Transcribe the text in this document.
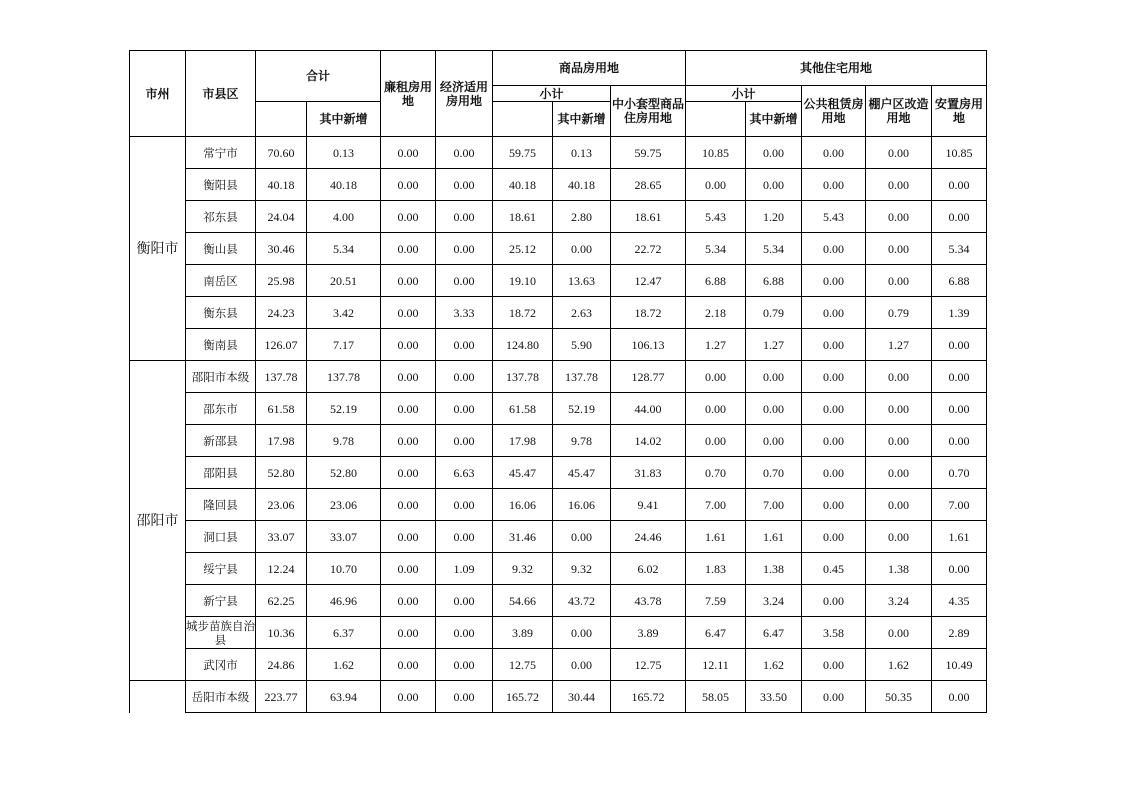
市州	市县区	合计		廉租房用地	经济适用房用地	商品房用地			其他住宅用地				
						小计		中小套型商品住房用地	小计		公共租赁房用地	棚户区改造用地	安置房用地
			其中新增				其中新增			其中新增			
衡阳市	常宁市	70.60	0.13	0.00	0.00	59.75	0.13	59.75	10.85	0.00	0.00	0.00	10.85
	衡阳县	40.18	40.18	0.00	0.00	40.18	40.18	28.65	0.00	0.00	0.00	0.00	0.00
	祁东县	24.04	4.00	0.00	0.00	18.61	2.80	18.61	5.43	1.20	5.43	0.00	0.00
	衡山县	30.46	5.34	0.00	0.00	25.12	0.00	22.72	5.34	5.34	0.00	0.00	5.34
	南岳区	25.98	20.51	0.00	0.00	19.10	13.63	12.47	6.88	6.88	0.00	0.00	6.88
	衡东县	24.23	3.42	0.00	3.33	18.72	2.63	18.72	2.18	0.79	0.00	0.79	1.39
	衡南县	126.07	7.17	0.00	0.00	124.80	5.90	106.13	1.27	1.27	0.00	1.27	0.00
邵阳市	邵阳市本级	137.78	137.78	0.00	0.00	137.78	137.78	128.77	0.00	0.00	0.00	0.00	0.00
	邵东市	61.58	52.19	0.00	0.00	61.58	52.19	44.00	0.00	0.00	0.00	0.00	0.00
	新邵县	17.98	9.78	0.00	0.00	17.98	9.78	14.02	0.00	0.00	0.00	0.00	0.00
	邵阳县	52.80	52.80	0.00	6.63	45.47	45.47	31.83	0.70	0.70	0.00	0.00	0.70
	隆回县	23.06	23.06	0.00	0.00	16.06	16.06	9.41	7.00	7.00	0.00	0.00	7.00
	洞口县	33.07	33.07	0.00	0.00	31.46	0.00	24.46	1.61	1.61	0.00	0.00	1.61
	绥宁县	12.24	10.70	0.00	1.09	9.32	9.32	6.02	1.83	1.38	0.45	1.38	0.00
	新宁县	62.25	46.96	0.00	0.00	54.66	43.72	43.78	7.59	3.24	0.00	3.24	4.35
	城步苗族自治县	10.36	6.37	0.00	0.00	3.89	0.00	3.89	6.47	6.47	3.58	0.00	2.89
	武冈市	24.86	1.62	0.00	0.00	12.75	0.00	12.75	12.11	1.62	0.00	1.62	10.49
	岳阳市本级	223.77	63.94	0.00	0.00	165.72	30.44	165.72	58.05	33.50	0.00	50.35	0.00
